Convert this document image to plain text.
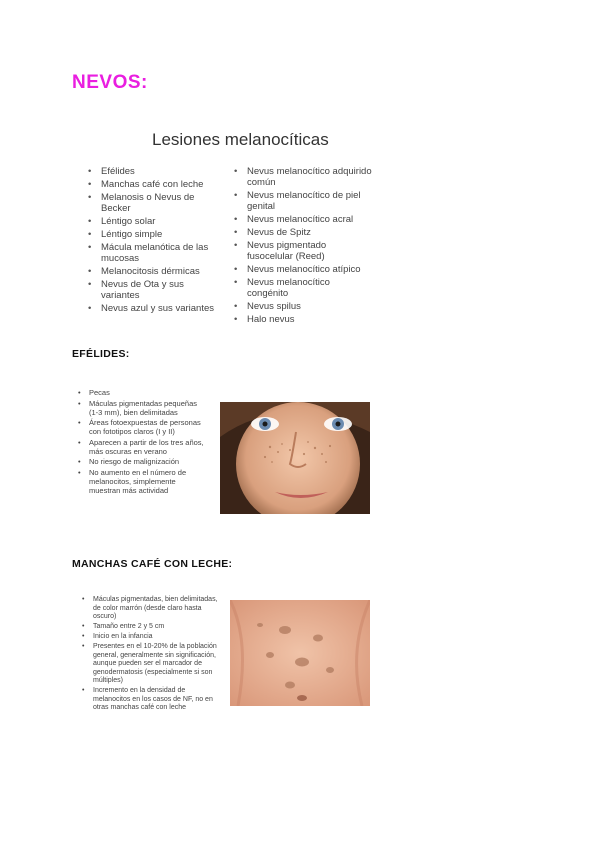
NEVOS:
Lesiones melanocíticas
• Efélides
• Manchas café con leche
• Melanosis o Nevus de Becker
• Léntigo solar
• Léntigo simple
• Mácula melanótica de las mucosas
• Melanocitosis dérmicas
• Nevus de Ota y sus variantes
• Nevus azul y sus variantes
• Nevus melanocítico adquirido común
• Nevus melanocítico de piel genital
• Nevus melanocítico acral
• Nevus de Spitz
• Nevus pigmentado fusocelular (Reed)
• Nevus melanocítico atípico
• Nevus melanocítico congénito
• Nevus spilus
• Halo nevus
EFÉLIDES:
• Pecas
• Máculas pigmentadas pequeñas (1-3 mm), bien delimitadas
• Áreas fotoexpuestas de personas con fototipos claros (I y II)
• Aparecen a partir de los tres años, más oscuras en verano
• No riesgo de malignización
• No aumento en el número de melanocitos, simplemente muestran más actividad
MANCHAS CAFÉ CON LECHE:
• Máculas pigmentadas, bien delimitadas, de color marrón (desde claro hasta oscuro)
• Tamaño entre 2 y 5 cm
• Inicio en la infancia
• Presentes en el 10-20% de la población general, generalmente sin significación, aunque pueden ser el marcador de genodermatosis (especialmente si son múltiples)
• Incremento en la densidad de melanocitos en los casos de NF, no en otras manchas café con leche
